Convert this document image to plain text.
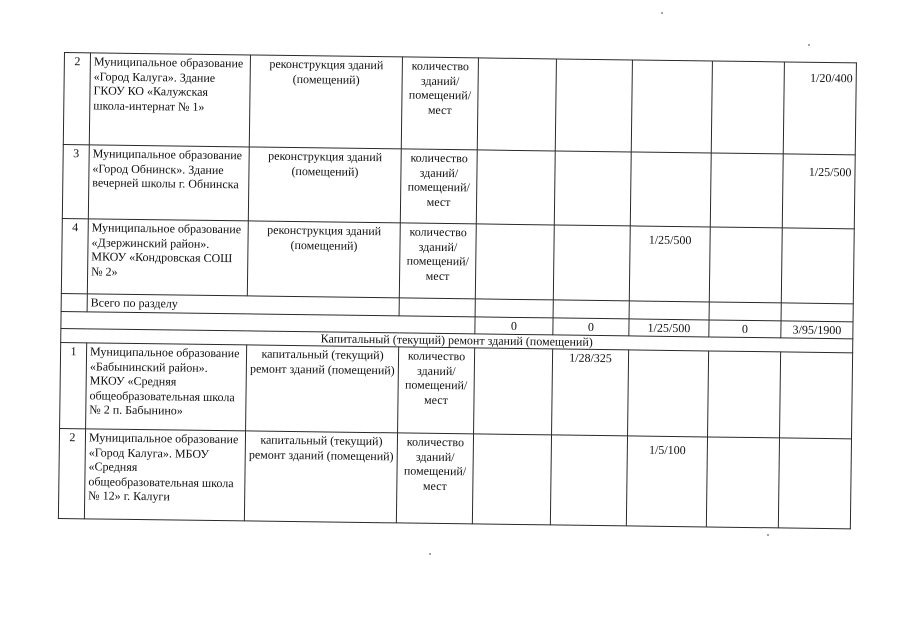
2	Муниципальное образование «Город Калуга». Здание ГКОУ КО «Калужская школа-интернат № 1»	реконструкция зданий (помещений)	количество зданий/ помещений/ мест					1/20/400
3	Муниципальное образование «Город Обнинск». Здание вечерней школы г. Обнинска	реконструкция зданий (помещений)	количество зданий/ помещений/ мест					1/25/500
4	Муниципальное образование «Дзержинский район». МКОУ «Кондровская СОШ № 2»	реконструкция зданий (помещений)	количество зданий/ помещений/ мест			1/25/500		
	Всего по разделу							
				0	0	1/25/500	0	3/95/1900
Капитальный (текущий) ремонт зданий (помещений)								
1	Муниципальное образование «Бабынинский район». МКОУ «Средняя общеобразовательная школа № 2 п. Бабынино»	капитальный (текущий) ремонт зданий (помещений)	количество зданий/ помещений/ мест		1/28/325			
2	Муниципальное образование «Город Калуга». МБОУ «Средняя общеобразовательная школа № 12» г. Калуги	капитальный (текущий) ремонт зданий (помещений)	количество зданий/ помещений/ мест			1/5/100		
